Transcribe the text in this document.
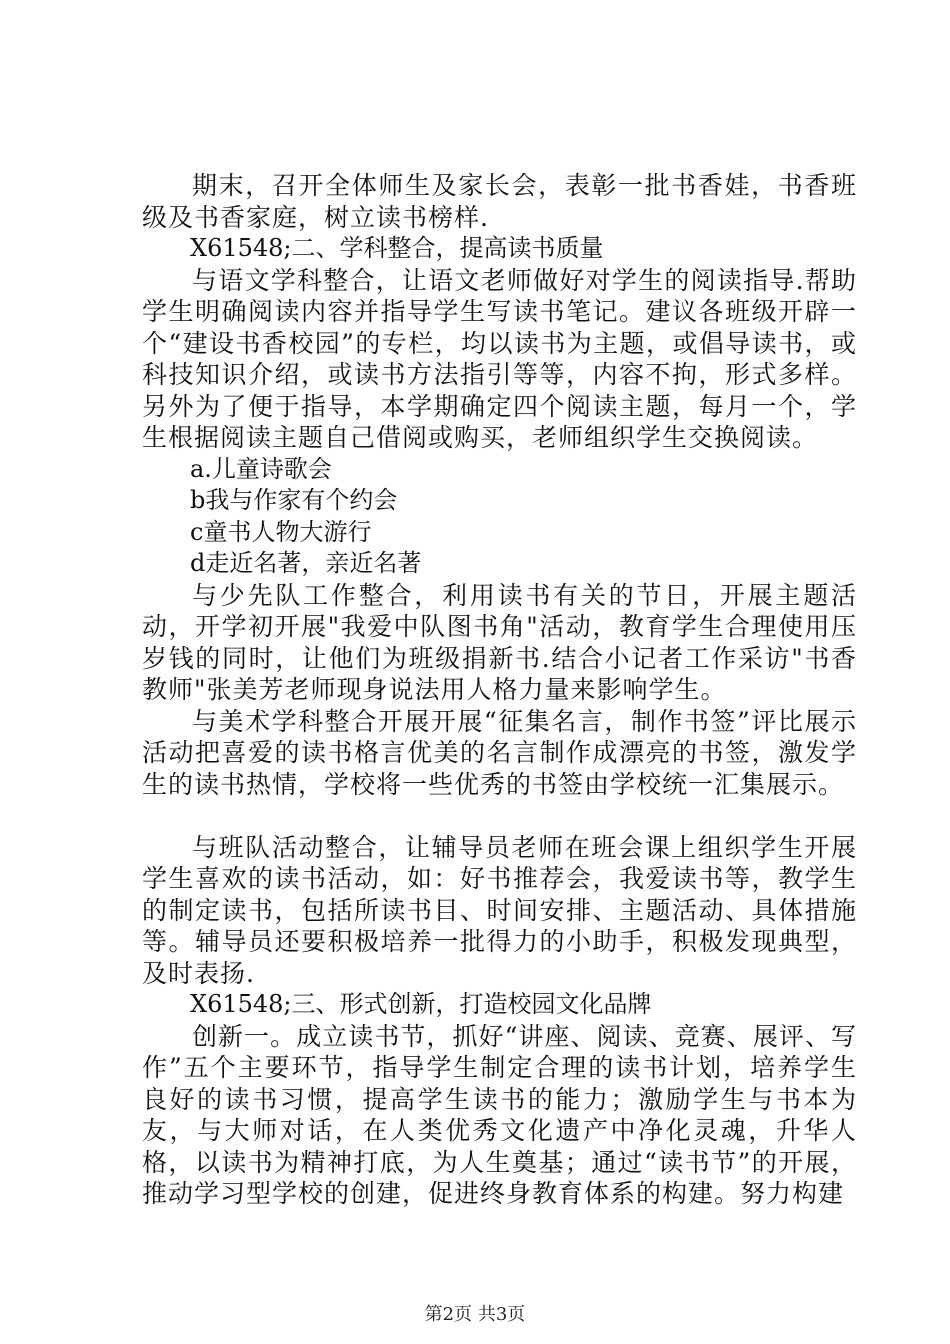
期末，召开全体师生及家长会，表彰一批书香娃，书香班级及书香家庭，树立读书榜样.

X61548;二、学科整合，提高读书质量

与语文学科整合，让语文老师做好对学生的阅读指导.帮助学生明确阅读内容并指导学生写读书笔记。建议各班级开辟一个“建设书香校园”的专栏，均以读书为主题，或倡导读书，或科技知识介绍，或读书方法指引等等，内容不拘，形式多样。另外为了便于指导，本学期确定四个阅读主题，每月一个，学生根据阅读主题自己借阅或购买，老师组织学生交换阅读。

a.儿童诗歌会

b我与作家有个约会

c童书人物大游行

d走近名著，亲近名著

与少先队工作整合，利用读书有关的节日，开展主题活动，开学初开展"我爱中队图书角"活动，教育学生合理使用压岁钱的同时，让他们为班级捐新书.结合小记者工作采访"书香教师"张美芳老师现身说法用人格力量来影响学生。

与美术学科整合开展开展“征集名言，制作书签”评比展示活动把喜爱的读书格言优美的名言制作成漂亮的书签，激发学生的读书热情，学校将一些优秀的书签由学校统一汇集展示。

与班队活动整合，让辅导员老师在班会课上组织学生开展学生喜欢的读书活动，如：好书推荐会，我爱读书等，教学生的制定读书，包括所读书目、时间安排、主题活动、具体措施等。辅导员还要积极培养一批得力的小助手，积极发现典型，及时表扬.

X61548;三、形式创新，打造校园文化品牌

创新一。成立读书节，抓好“讲座、阅读、竞赛、展评、写作”五个主要环节，指导学生制定合理的读书计划，培养学生良好的读书习惯，提高学生读书的能力；激励学生与书本为友，与大师对话，在人类优秀文化遗产中净化灵魂，升华人格，以读书为精神打底，为人生奠基；通过“读书节”的开展，推动学习型学校的创建，促进终身教育体系的构建。努力构建

第2页 共3页
